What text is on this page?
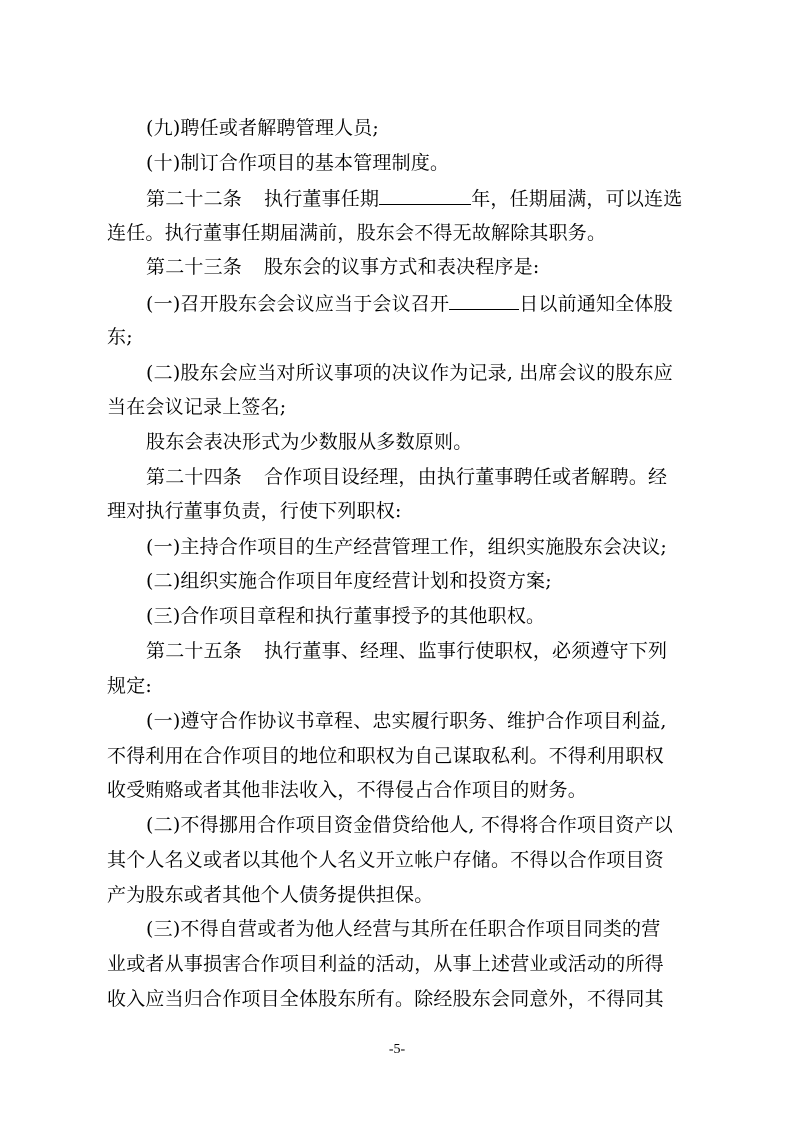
(九)聘任或者解聘管理人员;
(十)制订合作项目的基本管理制度。
第二十二条 执行董事任期	年，任期届满，可以连选
连任。执行董事任期届满前，股东会不得无故解除其职务。
第二十三条 股东会的议事方式和表决程序是:
(一)召开股东会会议应当于会议召开	日以前通知全体股
东;
(二)股东会应当对所议事项的决议作为记录, 出席会议的股东应
当在会议记录上签名;
股东会表决形式为少数服从多数原则。
第二十四条 合作项目设经理，由执行董事聘任或者解聘。经
理对执行董事负责，行使下列职权:
(一)主持合作项目的生产经营管理工作，组织实施股东会决议;
(二)组织实施合作项目年度经营计划和投资方案;
(三)合作项目章程和执行董事授予的其他职权。
第二十五条 执行董事、经理、监事行使职权，必须遵守下列
规定:
(一)遵守合作协议书章程、忠实履行职务、维护合作项目利益,
不得利用在合作项目的地位和职权为自己谋取私利。不得利用职权
收受贿赂或者其他非法收入，不得侵占合作项目的财务。
(二)不得挪用合作项目资金借贷给他人, 不得将合作项目资产以
其个人名义或者以其他个人名义开立帐户存储。不得以合作项目资
产为股东或者其他个人债务提供担保。
(三)不得自营或者为他人经营与其所在任职合作项目同类的营
业或者从事损害合作项目利益的活动，从事上述营业或活动的所得
收入应当归合作项目全体股东所有。除经股东会同意外，不得同其
-5-
